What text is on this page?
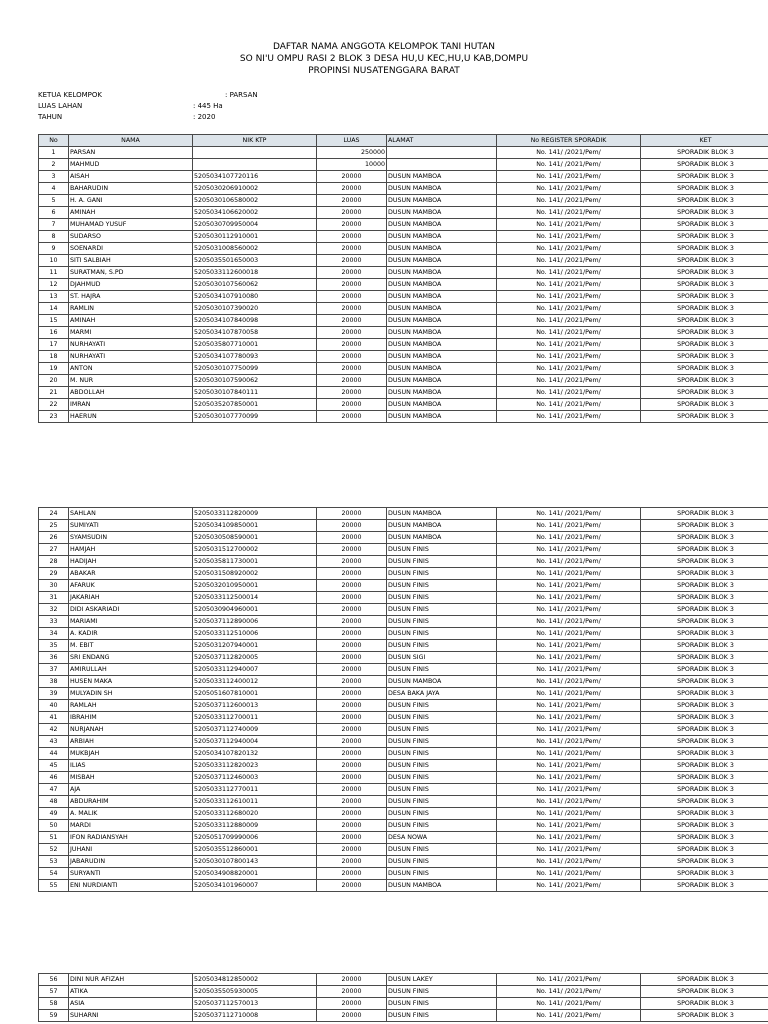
DAFTAR NAMA ANGGOTA KELOMPOK TANI HUTAN
SO NI'U OMPU RASI 2 BLOK 3 DESA HU,U KEC,HU,U KAB,DOMPU
PROPINSI NUSATENGGARA BARAT
KETUA KELOMPOK	: PARSAN
LUAS LAHAN	: 445 Ha
TAHUN	: 2020
No	NAMA	NIK KTP	LUAS	ALAMAT	No REGISTER SPORADIK	KET
1	PARSAN		250000		No. 141/ /2021/Pem/	SPORADIK BLOK 3
2	MAHMUD		10000		No. 141/ /2021/Pem/	SPORADIK BLOK 3
3	AISAH	5205034107720116	20000	DUSUN MAMBOA	No. 141/ /2021/Pem/	SPORADIK BLOK 3
4	BAHARUDIN	5205030206910002	20000	DUSUN MAMBOA	No. 141/ /2021/Pem/	SPORADIK BLOK 3
5	H. A. GANI	5205030106580002	20000	DUSUN MAMBOA	No. 141/ /2021/Pem/	SPORADIK BLOK 3
6	AMINAH	5205034106620002	20000	DUSUN MAMBOA	No. 141/ /2021/Pem/	SPORADIK BLOK 3
7	MUHAMAD YUSUF	5205030709950004	20000	DUSUN MAMBOA	No. 141/ /2021/Pem/	SPORADIK BLOK 3
8	SUDARSO	5205030112910001	20000	DUSUN MAMBOA	No. 141/ /2021/Pem/	SPORADIK BLOK 3
9	SOENARDI	5205031008560002	20000	DUSUN MAMBOA	No. 141/ /2021/Pem/	SPORADIK BLOK 3
10	SITI SALBIAH	5205035501650003	20000	DUSUN MAMBOA	No. 141/ /2021/Pem/	SPORADIK BLOK 3
11	SURATMAN, S.PD	5205033112600018	20000	DUSUN MAMBOA	No. 141/ /2021/Pem/	SPORADIK BLOK 3
12	DJAHMUD	5205030107560062	20000	DUSUN MAMBOA	No. 141/ /2021/Pem/	SPORADIK BLOK 3
13	ST. HAJRA	5205034107910080	20000	DUSUN MAMBOA	No. 141/ /2021/Pem/	SPORADIK BLOK 3
14	RAMLIN	5205030107390020	20000	DUSUN MAMBOA	No. 141/ /2021/Pem/	SPORADIK BLOK 3
15	AMINAH	5205034107840098	20000	DUSUN MAMBOA	No. 141/ /2021/Pem/	SPORADIK BLOK 3
16	MARMI	5205034107870058	20000	DUSUN MAMBOA	No. 141/ /2021/Pem/	SPORADIK BLOK 3
17	NURHAYATI	5205035807710001	20000	DUSUN MAMBOA	No. 141/ /2021/Pem/	SPORADIK BLOK 3
18	NURHAYATI	5205034107780093	20000	DUSUN MAMBOA	No. 141/ /2021/Pem/	SPORADIK BLOK 3
19	ANTON	5205030107750099	20000	DUSUN MAMBOA	No. 141/ /2021/Pem/	SPORADIK BLOK 3
20	M. NUR	5205030107590062	20000	DUSUN MAMBOA	No. 141/ /2021/Pem/	SPORADIK BLOK 3
21	ABDOLLAH	5205030107840111	20000	DUSUN MAMBOA	No. 141/ /2021/Pem/	SPORADIK BLOK 3
22	IMRAN	5205035207850001	20000	DUSUN MAMBOA	No. 141/ /2021/Pem/	SPORADIK BLOK 3
23	HAERUN	5205030107770099	20000	DUSUN MAMBOA	No. 141/ /2021/Pem/	SPORADIK BLOK 3
24	SAHLAN	5205033112820009	20000	DUSUN MAMBOA	No. 141/ /2021/Pem/	SPORADIK BLOK 3
25	SUMIYATI	5205034109850001	20000	DUSUN MAMBOA	No. 141/ /2021/Pem/	SPORADIK BLOK 3
26	SYAMSUDIN	5205030508590001	20000	DUSUN MAMBOA	No. 141/ /2021/Pem/	SPORADIK BLOK 3
27	HAMJAH	5205031512700002	20000	DUSUN FINIS	No. 141/ /2021/Pem/	SPORADIK BLOK 3
28	HADIJAH	5205035811730001	20000	DUSUN FINIS	No. 141/ /2021/Pem/	SPORADIK BLOK 3
29	ABAKAR	5205031508920002	20000	DUSUN FINIS	No. 141/ /2021/Pem/	SPORADIK BLOK 3
30	AFARUK	5205032010950001	20000	DUSUN FINIS	No. 141/ /2021/Pem/	SPORADIK BLOK 3
31	JAKARIAH	5205033112500014	20000	DUSUN FINIS	No. 141/ /2021/Pem/	SPORADIK BLOK 3
32	DIDI ASKARIADI	5205030904960001	20000	DUSUN FINIS	No. 141/ /2021/Pem/	SPORADIK BLOK 3
33	MARIAMI	5205037112890006	20000	DUSUN FINIS	No. 141/ /2021/Pem/	SPORADIK BLOK 3
34	A. KADIR	5205033112510006	20000	DUSUN FINIS	No. 141/ /2021/Pem/	SPORADIK BLOK 3
35	M. EBIT	5205031207940001	20000	DUSUN FINIS	No. 141/ /2021/Pem/	SPORADIK BLOK 3
36	SRI ENDANG	5205037112820005	20000	DUSUN SIGI	No. 141/ /2021/Pem/	SPORADIK BLOK 3
37	AMIRULLAH	5205033112940007	20000	DUSUN FINIS	No. 141/ /2021/Pem/	SPORADIK BLOK 3
38	HUSEN MAKA	5205033112400012	20000	DUSUN MAMBOA	No. 141/ /2021/Pem/	SPORADIK BLOK 3
39	MULYADIN SH	5205051607810001	20000	DESA BAKA JAYA	No. 141/ /2021/Pem/	SPORADIK BLOK 3
40	RAMLAH	5205037112600013	20000	DUSUN FINIS	No. 141/ /2021/Pem/	SPORADIK BLOK 3
41	IBRAHIM	5205033112700011	20000	DUSUN FINIS	No. 141/ /2021/Pem/	SPORADIK BLOK 3
42	NURJANAH	5205037112740009	20000	DUSUN FINIS	No. 141/ /2021/Pem/	SPORADIK BLOK 3
43	ARBIAH	5205037112940004	20000	DUSUN FINIS	No. 141/ /2021/Pem/	SPORADIK BLOK 3
44	MUKBJAH	5205034107820132	20000	DUSUN FINIS	No. 141/ /2021/Pem/	SPORADIK BLOK 3
45	ILIAS	5205033112820023	20000	DUSUN FINIS	No. 141/ /2021/Pem/	SPORADIK BLOK 3
46	MISBAH	5205037112460003	20000	DUSUN FINIS	No. 141/ /2021/Pem/	SPORADIK BLOK 3
47	AJA	5205033112770011	20000	DUSUN FINIS	No. 141/ /2021/Pem/	SPORADIK BLOK 3
48	ABDURAHIM	5205033112610011	20000	DUSUN FINIS	No. 141/ /2021/Pem/	SPORADIK BLOK 3
49	A. MALIK	5205033112680020	20000	DUSUN FINIS	No. 141/ /2021/Pem/	SPORADIK BLOK 3
50	MARDI	5205033112880009	20000	DUSUN FINIS	No. 141/ /2021/Pem/	SPORADIK BLOK 3
51	IFON RADIANSYAH	5205051709990006	20000	DESA NOWA	No. 141/ /2021/Pem/	SPORADIK BLOK 3
52	JUHANI	5205035512860001	20000	DUSUN FINIS	No. 141/ /2021/Pem/	SPORADIK BLOK 3
53	JABARUDIN	5205030107800143	20000	DUSUN FINIS	No. 141/ /2021/Pem/	SPORADIK BLOK 3
54	SURYANTI	5205034908820001	20000	DUSUN FINIS	No. 141/ /2021/Pem/	SPORADIK BLOK 3
55	ENI NURDIANTI	5205034101960007	20000	DUSUN MAMBOA	No. 141/ /2021/Pem/	SPORADIK BLOK 3
56	DINI NUR AFIZAH	5205034812850002	20000	DUSUN LAKEY	No. 141/ /2021/Pem/	SPORADIK BLOK 3
57	ATIKA	5205035505930005	20000	DUSUN FINIS	No. 141/ /2021/Pem/	SPORADIK BLOK 3
58	ASIA	5205037112570013	20000	DUSUN FINIS	No. 141/ /2021/Pem/	SPORADIK BLOK 3
59	SUHARNI	5205037112710008	20000	DUSUN FINIS	No. 141/ /2021/Pem/	SPORADIK BLOK 3
